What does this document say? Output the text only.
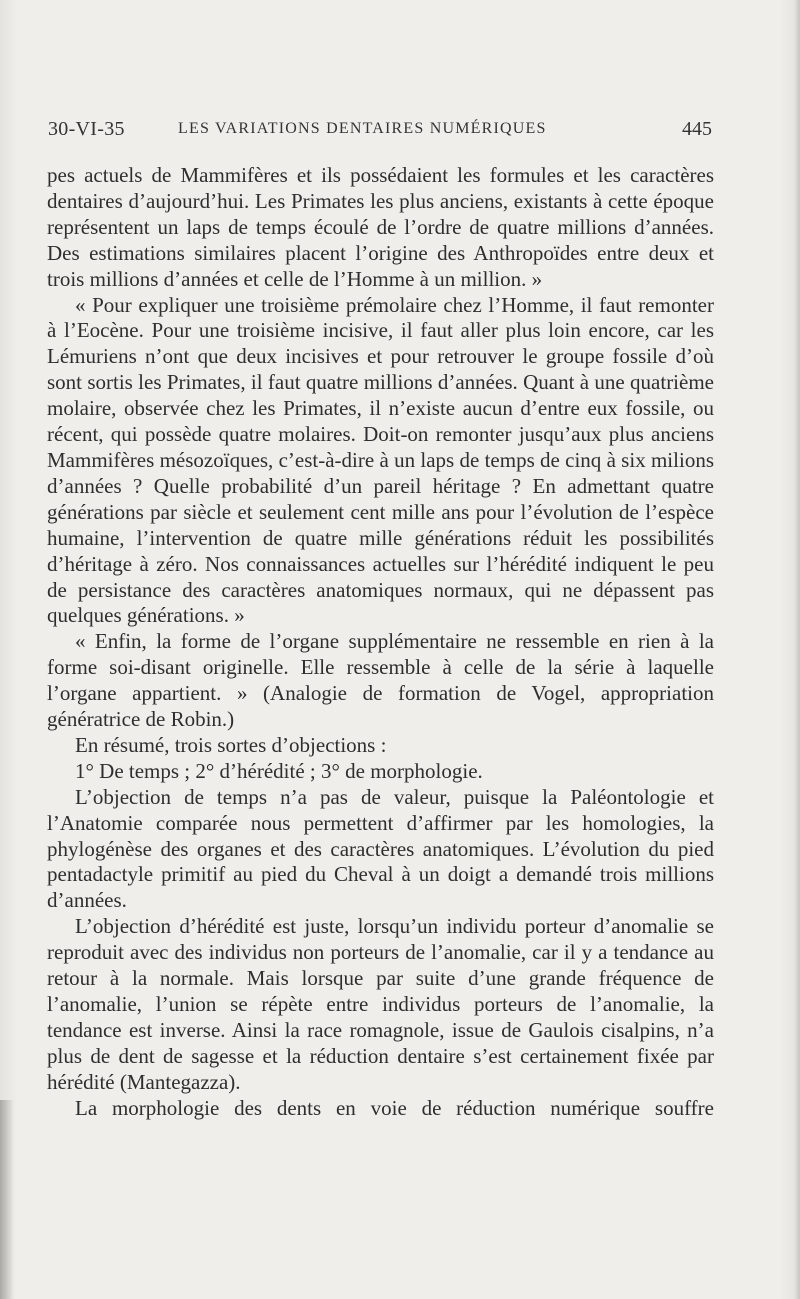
30-VI-35	LES VARIATIONS DENTAIRES NUMÉRIQUES	445

pes actuels de Mammifères et ils possédaient les formules et les caractères dentaires d’aujourd’hui. Les Primates les plus anciens, existants à cette époque représentent un laps de temps écoulé de l’ordre de quatre millions d’années. Des estimations similaires placent l’origine des Anthropoïdes entre deux et trois millions d’années et celle de l’Homme à un million. »

« Pour expliquer une troisième prémolaire chez l’Homme, il faut remonter à l’Eocène. Pour une troisième incisive, il faut aller plus loin encore, car les Lémuriens n’ont que deux incisives et pour retrouver le groupe fossile d’où sont sortis les Primates, il faut quatre millions d’années. Quant à une quatrième molaire, observée chez les Primates, il n’existe aucun d’entre eux fossile, ou récent, qui possède quatre molaires. Doit-on remonter jusqu’aux plus anciens Mammifères mésozoïques, c’est-à-dire à un laps de temps de cinq à six milions d’années ? Quelle probabilité d’un pareil héritage ? En admettant quatre générations par siècle et seulement cent mille ans pour l’évolution de l’espèce humaine, l’intervention de quatre mille générations réduit les possibilités d’héritage à zéro. Nos connaissances actuelles sur l’hérédité indiquent le peu de persistance des caractères anatomiques normaux, qui ne dépassent pas quelques générations. »

« Enfin, la forme de l’organe supplémentaire ne ressemble en rien à la forme soi-disant originelle. Elle ressemble à celle de la série à laquelle l’organe appartient. » (Analogie de formation de Vogel, appropriation génératrice de Robin.)

En résumé, trois sortes d’objections :

1° De temps ; 2° d’hérédité ; 3° de morphologie.

L’objection de temps n’a pas de valeur, puisque la Paléontologie et l’Anatomie comparée nous permettent d’affirmer par les homologies, la phylogénèse des organes et des caractères anatomiques. L’évolution du pied pentadactyle primitif au pied du Cheval à un doigt a demandé trois millions d’années.

L’objection d’hérédité est juste, lorsqu’un individu porteur d’anomalie se reproduit avec des individus non porteurs de l’anomalie, car il y a tendance au retour à la normale. Mais lorsque par suite d’une grande fréquence de l’anomalie, l’union se répète entre individus porteurs de l’anomalie, la tendance est inverse. Ainsi la race romagnole, issue de Gaulois cisalpins, n’a plus de dent de sagesse et la réduction dentaire s’est certainement fixée par hérédité (Mantegazza).

La morphologie des dents en voie de réduction numérique souffre
